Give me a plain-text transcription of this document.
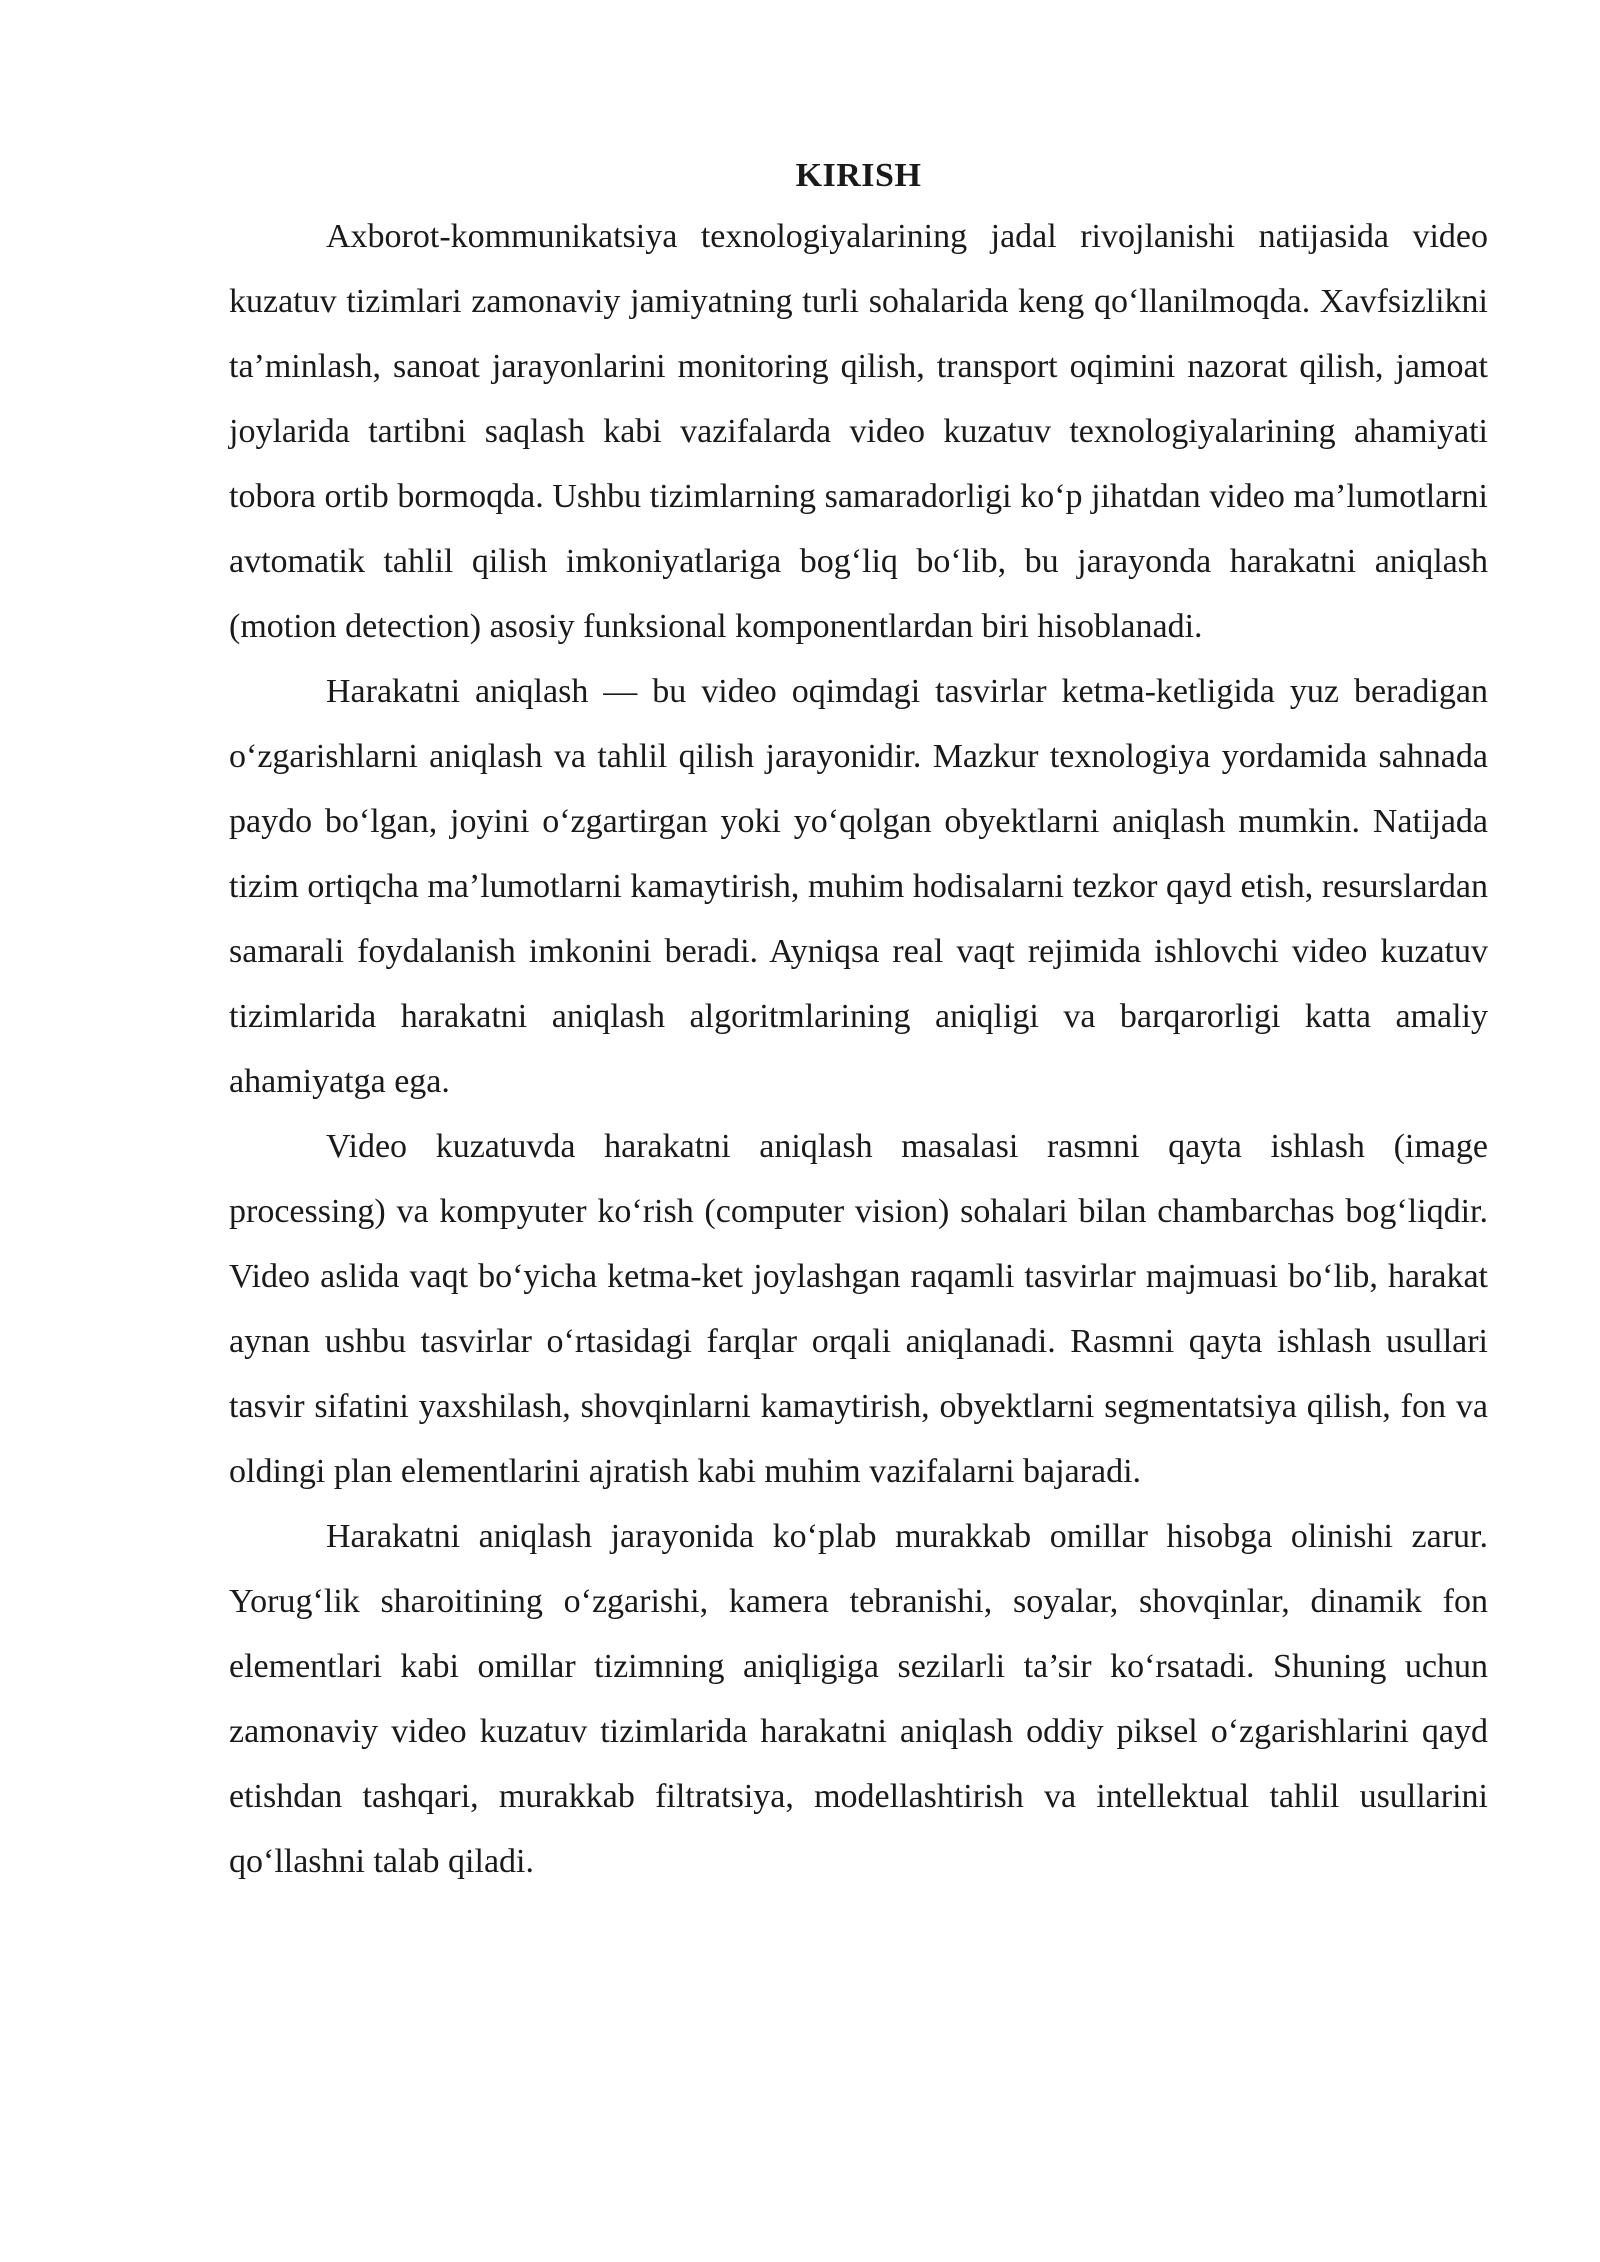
KIRISH

Axborot-kommunikatsiya texnologiyalarining jadal rivojlanishi natijasida video kuzatuv tizimlari zamonaviy jamiyatning turli sohalarida keng qo‘llanilmoqda. Xavfsizlikni ta’minlash, sanoat jarayonlarini monitoring qilish, transport oqimini nazorat qilish, jamoat joylarida tartibni saqlash kabi vazifalarda video kuzatuv texnologiyalarining ahamiyati tobora ortib bormoqda. Ushbu tizimlarning samaradorligi ko‘p jihatdan video ma’lumotlarni avtomatik tahlil qilish imkoniyatlariga bog‘liq bo‘lib, bu jarayonda harakatni aniqlash (motion detection) asosiy funksional komponentlardan biri hisoblanadi.

Harakatni aniqlash — bu video oqimdagi tasvirlar ketma-ketligida yuz beradigan o‘zgarishlarni aniqlash va tahlil qilish jarayonidir. Mazkur texnologiya yordamida sahnada paydo bo‘lgan, joyini o‘zgartirgan yoki yo‘qolgan obyektlarni aniqlash mumkin. Natijada tizim ortiqcha ma’lumotlarni kamaytirish, muhim hodisalarni tezkor qayd etish, resurslardan samarali foydalanish imkonini beradi. Ayniqsa real vaqt rejimida ishlovchi video kuzatuv tizimlarida harakatni aniqlash algoritmlarining aniqligi va barqarorligi katta amaliy ahamiyatga ega.

Video kuzatuvda harakatni aniqlash masalasi rasmni qayta ishlash (image processing) va kompyuter ko‘rish (computer vision) sohalari bilan chambarchas bog‘liqdir. Video aslida vaqt bo‘yicha ketma-ket joylashgan raqamli tasvirlar majmuasi bo‘lib, harakat aynan ushbu tasvirlar o‘rtasidagi farqlar orqali aniqlanadi. Rasmni qayta ishlash usullari tasvir sifatini yaxshilash, shovqinlarni kamaytirish, obyektlarni segmentatsiya qilish, fon va oldingi plan elementlarini ajratish kabi muhim vazifalarni bajaradi.

Harakatni aniqlash jarayonida ko‘plab murakkab omillar hisobga olinishi zarur. Yorug‘lik sharoitining o‘zgarishi, kamera tebranishi, soyalar, shovqinlar, dinamik fon elementlari kabi omillar tizimning aniqligiga sezilarli ta’sir ko‘rsatadi. Shuning uchun zamonaviy video kuzatuv tizimlarida harakatni aniqlash oddiy piksel o‘zgarishlarini qayd etishdan tashqari, murakkab filtratsiya, modellashtirish va intellektual tahlil usullarini qo‘llashni talab qiladi.
